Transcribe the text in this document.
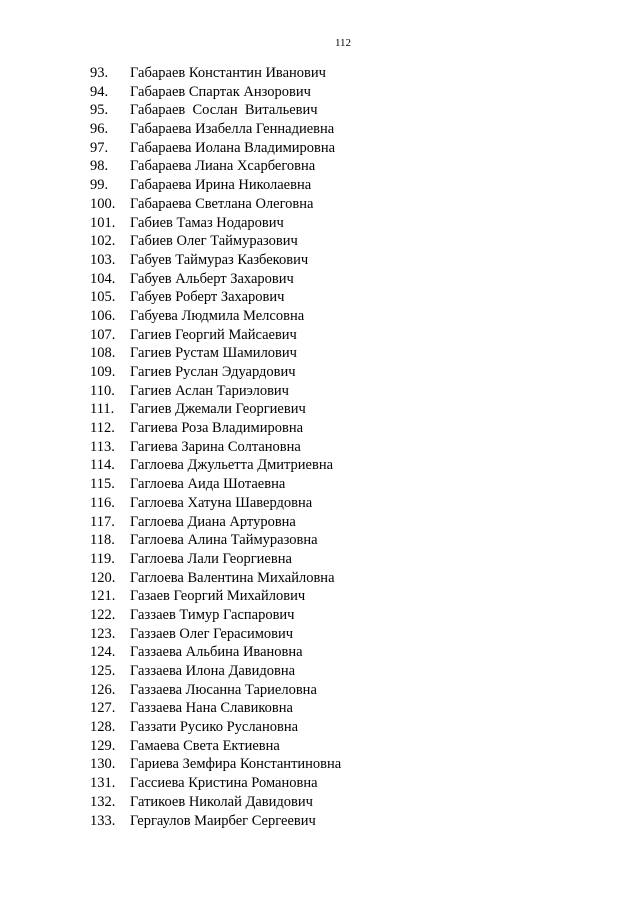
112
93.	Габараев Константин Иванович
94.	Габараев Спартак Анзорович
95.	Габараев  Сослан  Витальевич
96.	Габараева Изабелла Геннадиевна
97.	Габараева Иолана Владимировна
98.	Габараева Лиана Хсарбеговна
99.	Габараева Ирина Николаевна
100.	Габараева Светлана Олеговна
101.	Габиев Тамаз Нодарович
102.	Габиев Олег Таймуразович
103.	Габуев Таймураз Казбекович
104.	Габуев Альберт Захарович
105.	Габуев Роберт Захарович
106.	Габуева Людмила Мелсовна
107.	Гагиев Георгий Майсаевич
108.	Гагиев Рустам Шамилович
109.	Гагиев Руслан Эдуардович
110.	Гагиев Аслан Тариэлович
111.	Гагиев Джемали Георгиевич
112.	Гагиева Роза Владимировна
113.	Гагиева Зарина Солтановна
114.	Гаглоева Джульетта Дмитриевна
115.	Гаглоева Аида Шотаевна
116.	Гаглоева Хатуна Шавердовна
117.	Гаглоева Диана Артуровна
118.	Гаглоева Алина Таймуразовна
119.	Гаглоева Лали Георгиевна
120.	Гаглоева Валентина Михайловна
121.	Газаев Георгий Михайлович
122.	Газзаев Тимур Гаспарович
123.	Газзаев Олег Герасимович
124.	Газзаева Альбина Ивановна
125.	Газзаева Илона Давидовна
126.	Газзаева Люсанна Тариеловна
127.	Газзаева Нана Славиковна
128.	Газзати Русико Руслановна
129.	Гамаева Света Ектиевна
130.	Гариева Земфира Константиновна
131.	Гассиева Кристина Романовна
132.	Гатикоев Николай Давидович
133.	Гергаулов Маирбег Сергеевич
